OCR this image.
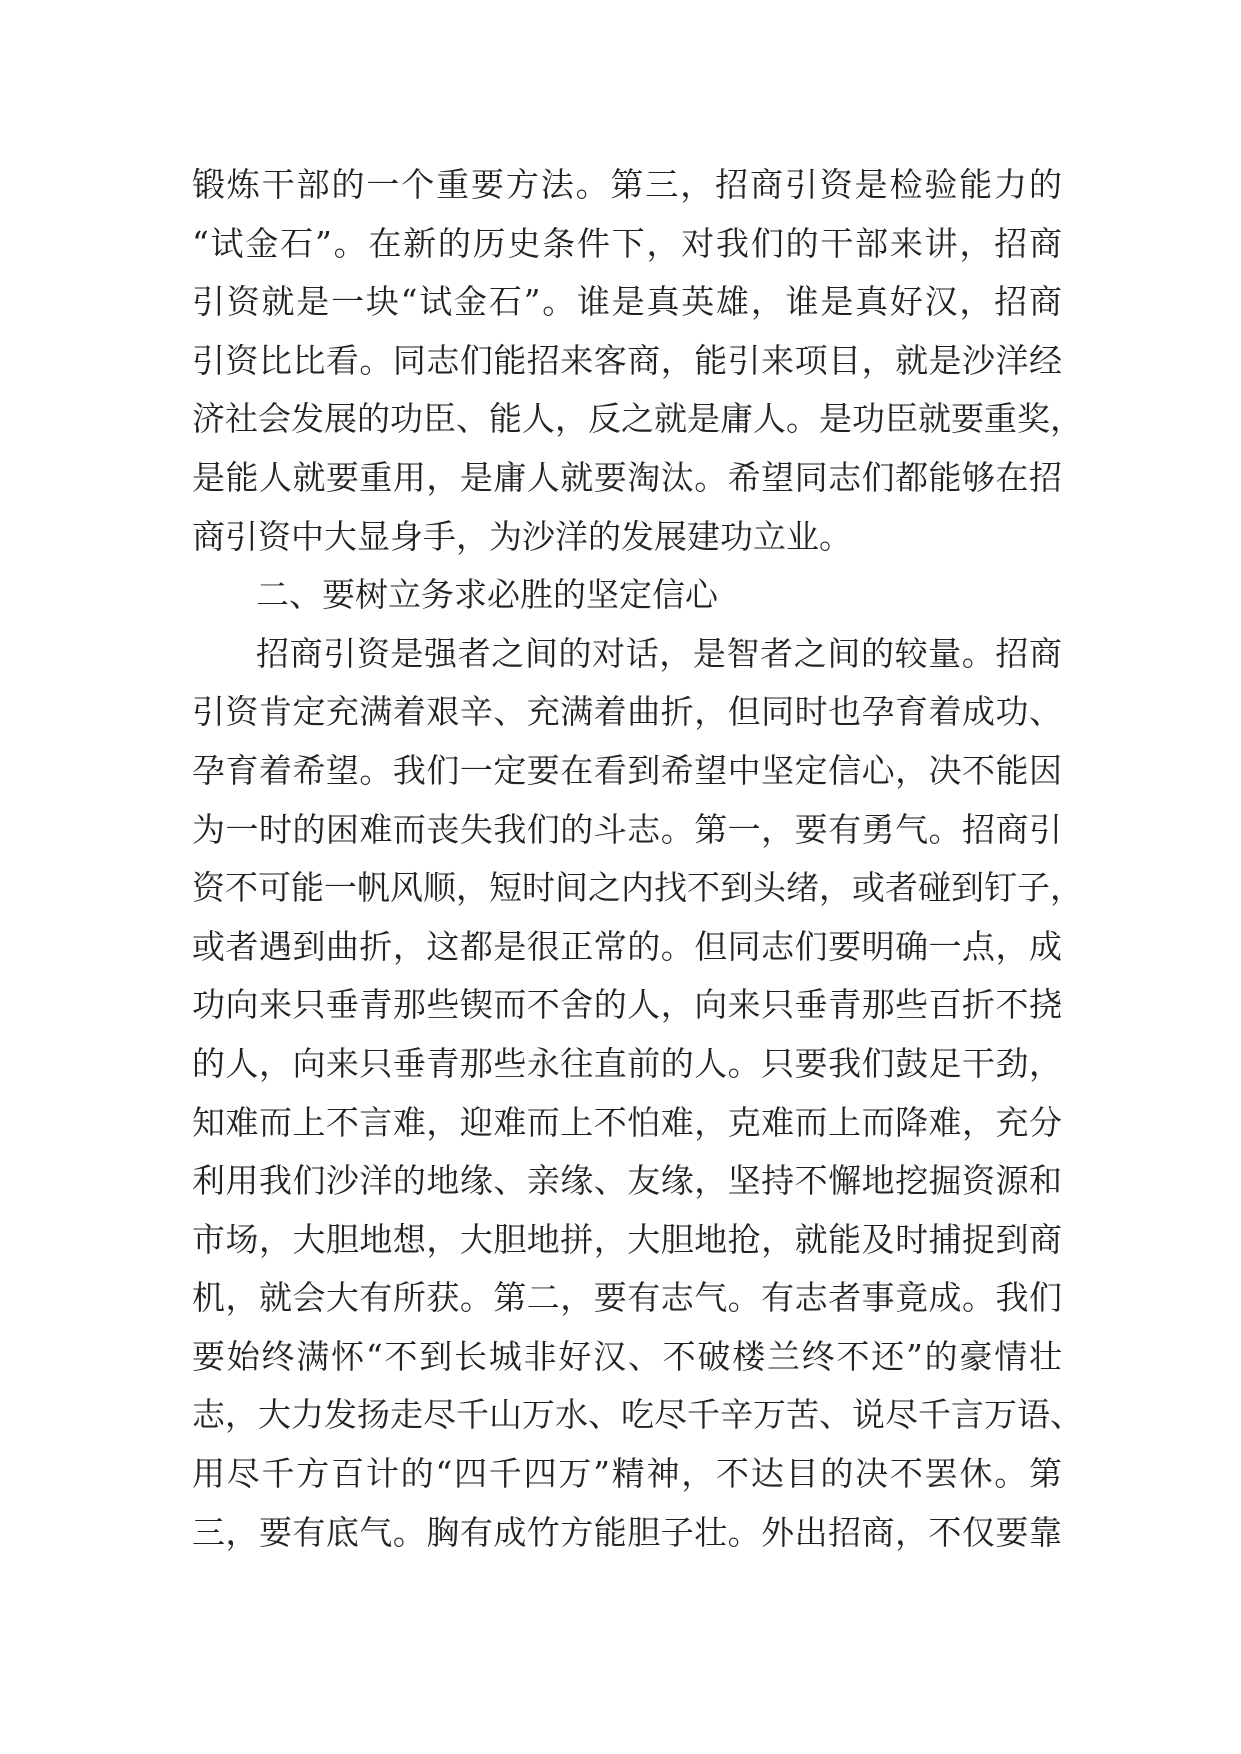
锻炼干部的一个重要方法。第三，招商引资是检验能力的
“试金石”。在新的历史条件下，对我们的干部来讲，招商
引资就是一块“试金石”。谁是真英雄，谁是真好汉，招商
引资比比看。同志们能招来客商，能引来项目，就是沙洋经
济社会发展的功臣、能人，反之就是庸人。是功臣就要重奖，
是能人就要重用，是庸人就要淘汰。希望同志们都能够在招
商引资中大显身手，为沙洋的发展建功立业。
二、要树立务求必胜的坚定信心
招商引资是强者之间的对话，是智者之间的较量。招商
引资肯定充满着艰辛、充满着曲折，但同时也孕育着成功、
孕育着希望。我们一定要在看到希望中坚定信心，决不能因
为一时的困难而丧失我们的斗志。第一，要有勇气。招商引
资不可能一帆风顺，短时间之内找不到头绪，或者碰到钉子，
或者遇到曲折，这都是很正常的。但同志们要明确一点，成
功向来只垂青那些锲而不舍的人，向来只垂青那些百折不挠
的人，向来只垂青那些永往直前的人。只要我们鼓足干劲，
知难而上不言难，迎难而上不怕难，克难而上而降难，充分
利用我们沙洋的地缘、亲缘、友缘，坚持不懈地挖掘资源和
市场，大胆地想，大胆地拼，大胆地抢，就能及时捕捉到商
机，就会大有所获。第二，要有志气。有志者事竟成。我们
要始终满怀“不到长城非好汉、不破楼兰终不还”的豪情壮
志，大力发扬走尽千山万水、吃尽千辛万苦、说尽千言万语、
用尽千方百计的“四千四万”精神，不达目的决不罢休。第
三，要有底气。胸有成竹方能胆子壮。外出招商，不仅要靠
